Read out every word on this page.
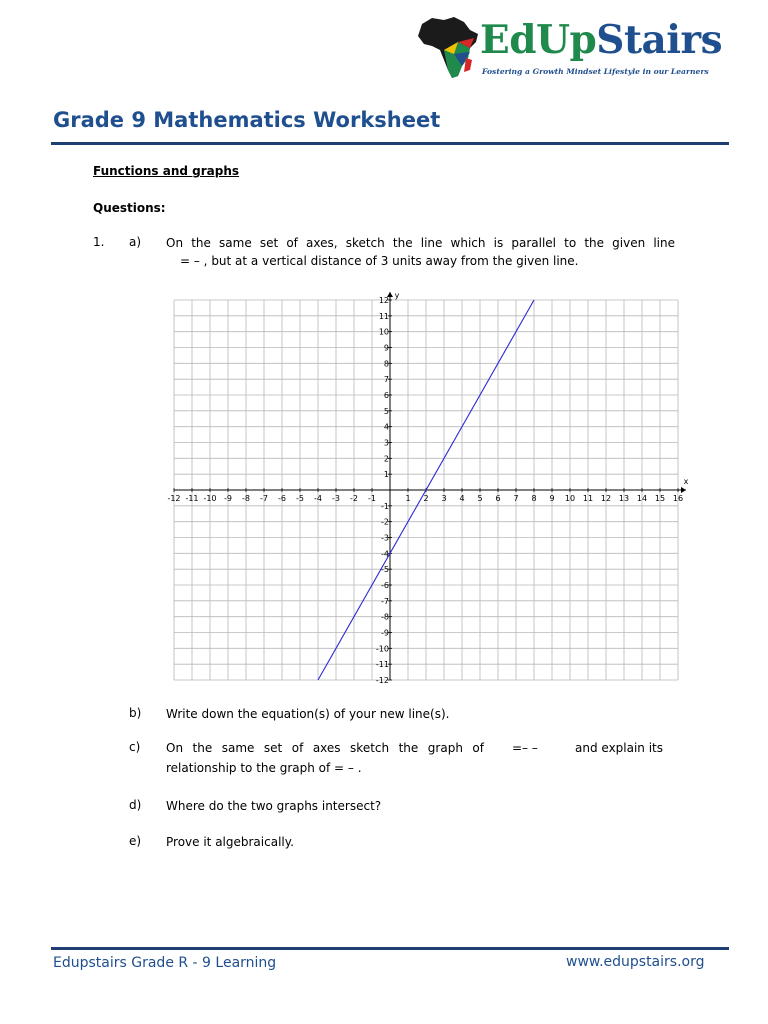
EdUpStairs
Fostering a Growth Mindset Lifestyle in our Learners
Grade 9 Mathematics Worksheet
Functions and graphs
Questions:
1. a) On the same set of axes, sketch the line which is parallel to the given line
= – , but at a vertical distance of 3 units away from the given line.
x
y
-12 -11 -10 -9 -8 -7 -6 -5 -4 -3 -2 -1	1 2 3 4 5 6 7 8 9 10 11 12 13 14 15 16
-12
-11
-10
-9
-8
-7
-6
-5
-4
-3
-2
-1
1
2
3
4
5
6
7
8
9
10
11
12
b) Write down the equation(s) of your new line(s).
c) On the same set of axes sketch the graph of =– –	and explain its
relationship to the graph of = – .
d) Where do the two graphs intersect?
e) Prove it algebraically.
Edupstairs Grade R - 9 Learning	www.edupstairs.org
